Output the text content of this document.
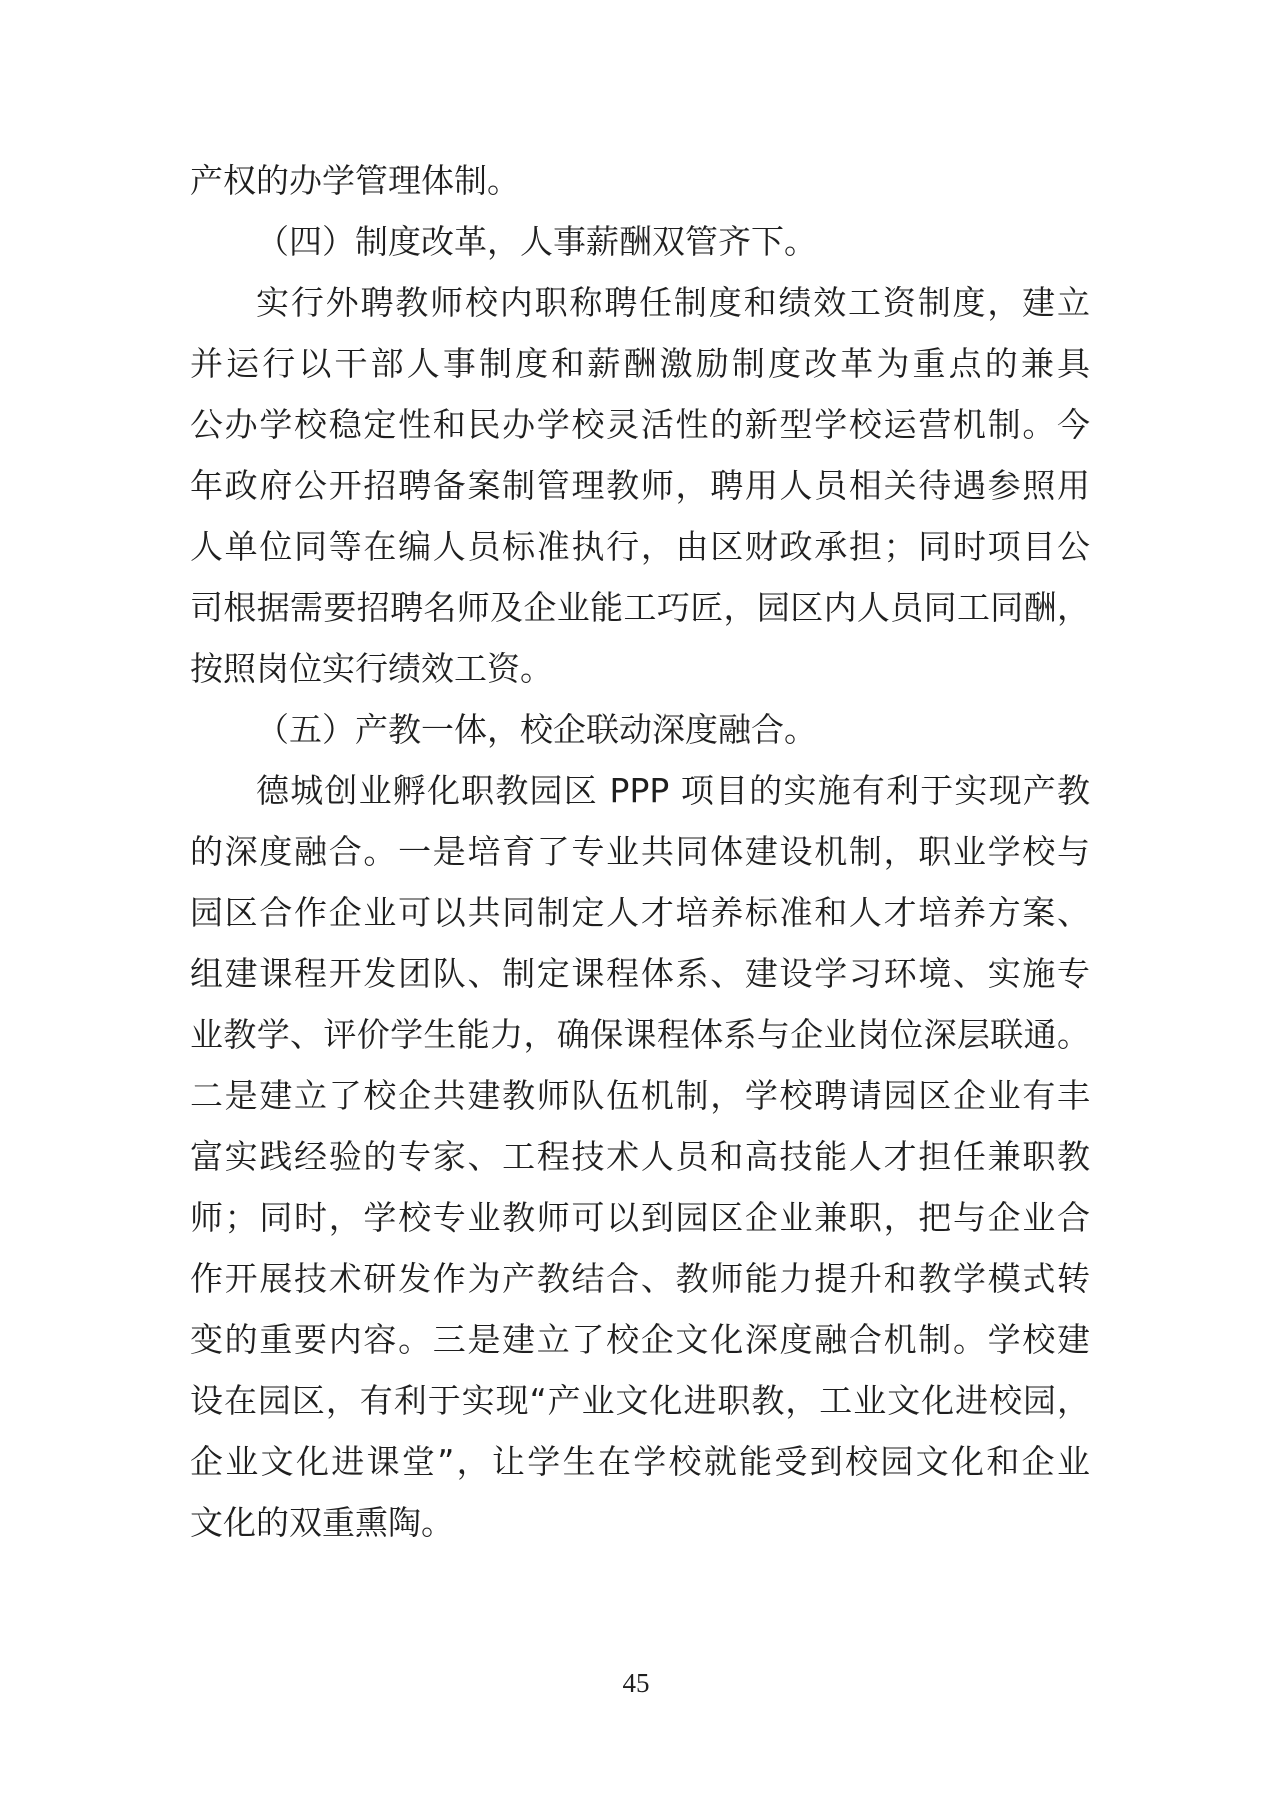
产权的办学管理体制。
（四）制度改革，人事薪酬双管齐下。
实行外聘教师校内职称聘任制度和绩效工资制度，建立
并运行以干部人事制度和薪酬激励制度改革为重点的兼具
公办学校稳定性和民办学校灵活性的新型学校运营机制。今
年政府公开招聘备案制管理教师，聘用人员相关待遇参照用
人单位同等在编人员标准执行，由区财政承担；同时项目公
司根据需要招聘名师及企业能工巧匠，园区内人员同工同酬，
按照岗位实行绩效工资。
（五）产教一体，校企联动深度融合。
德城创业孵化职教园区 PPP 项目的实施有利于实现产教
的深度融合。一是培育了专业共同体建设机制，职业学校与
园区合作企业可以共同制定人才培养标准和人才培养方案、
组建课程开发团队、制定课程体系、建设学习环境、实施专
业教学、评价学生能力，确保课程体系与企业岗位深层联通。
二是建立了校企共建教师队伍机制，学校聘请园区企业有丰
富实践经验的专家、工程技术人员和高技能人才担任兼职教
师；同时，学校专业教师可以到园区企业兼职，把与企业合
作开展技术研发作为产教结合、教师能力提升和教学模式转
变的重要内容。三是建立了校企文化深度融合机制。学校建
设在园区，有利于实现“产业文化进职教，工业文化进校园，
企业文化进课堂”，让学生在学校就能受到校园文化和企业
文化的双重熏陶。
45
